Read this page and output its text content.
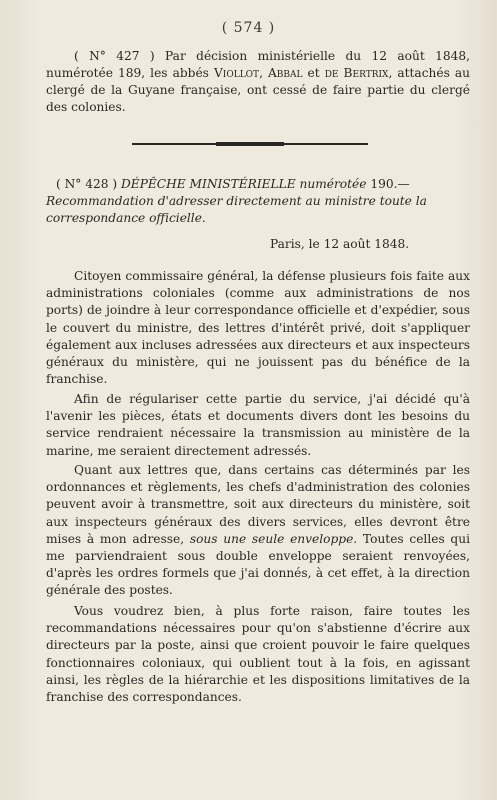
( 574 )
( N° 427 ) Par décision ministérielle du 12 août 1848, numérotée 189, les abbés Viollot, Abbal et de Bertrix, attachés au clergé de la Guyane française, ont cessé de faire partie du clergé des colonies.
( N° 428 ) DÉPÊCHE MINISTÉRIELLE numérotée 190.— Recommandation d'adresser directement au ministre toute la correspondance officielle.
Paris, le 12 août 1848.
Citoyen commissaire général, la défense plusieurs fois faite aux administrations coloniales (comme aux administrations de nos ports) de joindre à leur correspondance officielle et d'expédier, sous le couvert du ministre, des lettres d'intérêt privé, doit s'appliquer également aux incluses adressées aux directeurs et aux inspecteurs généraux du ministère, qui ne jouissent pas du bénéfice de la franchise.
Afin de régulariser cette partie du service, j'ai décidé qu'à l'avenir les pièces, états et documents divers dont les besoins du service rendraient nécessaire la transmission au ministère de la marine, me seraient directement adressés.
Quant aux lettres que, dans certains cas déterminés par les ordonnances et règlements, les chefs d'administration des colonies peuvent avoir à transmettre, soit aux directeurs du ministère, soit aux inspecteurs généraux des divers services, elles devront être mises à mon adresse, sous une seule enveloppe. Toutes celles qui me parviendraient sous double enveloppe seraient renvoyées, d'après les ordres formels que j'ai donnés, à cet effet, à la direction générale des postes.
Vous voudrez bien, à plus forte raison, faire toutes les recommandations nécessaires pour qu'on s'abstienne d'écrire aux directeurs par la poste, ainsi que croient pouvoir le faire quelques fonctionnaires coloniaux, qui oublient tout à la fois, en agissant ainsi, les règles de la hiérarchie et les dispositions limitatives de la franchise des correspondances.
